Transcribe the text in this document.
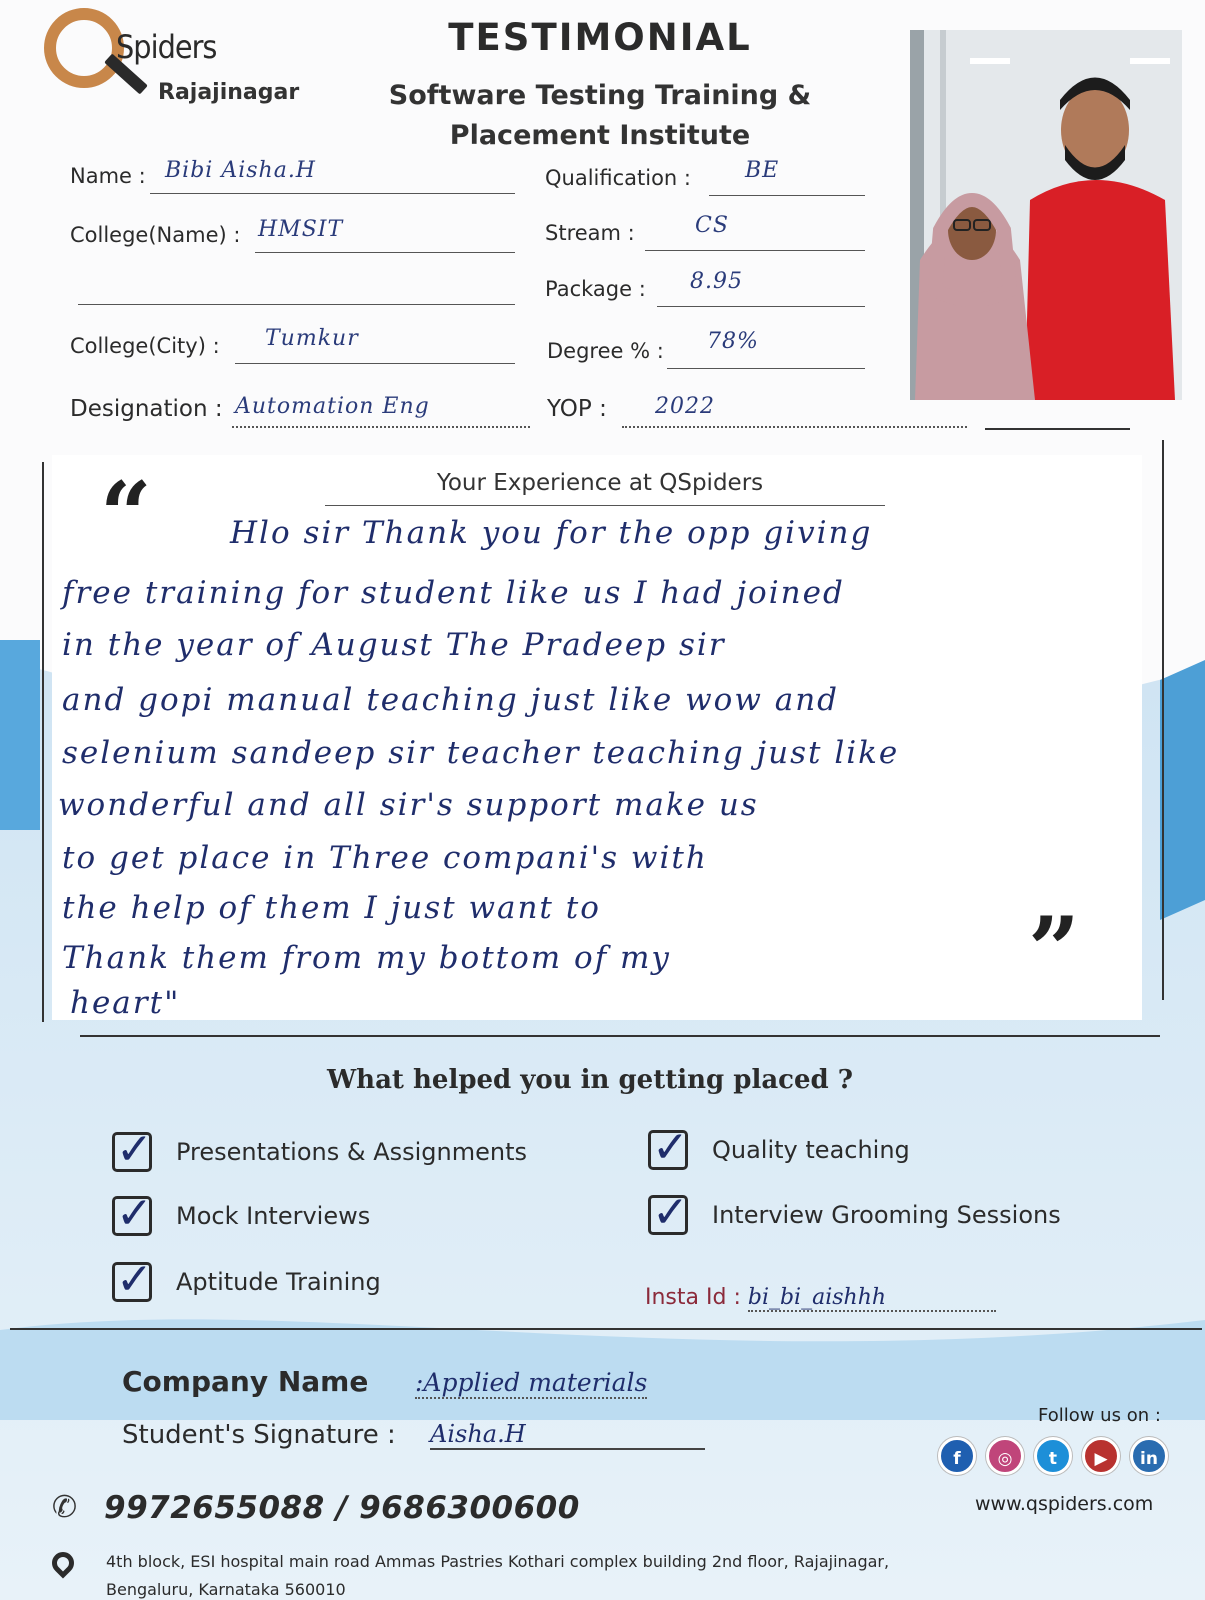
Spiders
Rajajinagar
TESTIMONIAL
Software Testing Training &
Placement Institute
Name : Bibi Aisha.H	Qualification : BE
College(Name) : HMSIT	Stream :	CS
Package : 8.95
College(City) : Tumkur	Degree % : 78%
Designation : Automation Eng	YOP : 2022
Your Experience at QSpiders
“
”
Hlo sir Thank you for the opp giving
free training for student like us I had joined
in the year of August The Pradeep sir
and gopi manual teaching just like wow and
selenium sandeep sir teacher teaching just like
wonderful and all sir's support make us
to get place in Three compani's with
the help of them I just want to
Thank them from my bottom of my
heart"
What helped you in getting placed ?
✓ Presentations & Assignments	✓ Quality teaching
✓ Mock Interviews	✓ Interview Grooming Sessions
✓ Aptitude Training
Insta Id : bi_bi_aishhh
Company Name :Applied materials
Student's Signature : Aisha.H
Follow us on :
f	◎	t	▶	in
www.qspiders.com
✆ 9972655088 / 9686300600
4th block, ESI hospital main road Ammas Pastries Kothari complex building 2nd floor, Rajajinagar,
Bengaluru, Karnataka 560010
